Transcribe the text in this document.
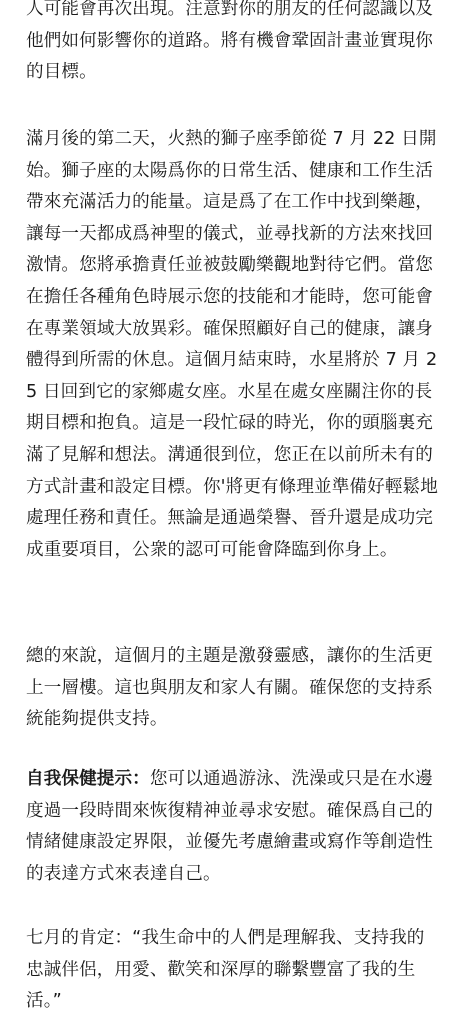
人可能會再次出現。注意對你的朋友的任何認識以及他們如何影響你的道路。將有機會鞏固計畫並實現你的目標。

滿月後的第二天，火熱的獅子座季節從 7 月 22 日開始。獅子座的太陽爲你的日常生活、健康和工作生活帶來充滿活力的能量。這是爲了在工作中找到樂趣，讓每一天都成爲神聖的儀式，並尋找新的方法來找回激情。您將承擔責任並被鼓勵樂觀地對待它們。當您在擔任各種角色時展示您的技能和才能時，您可能會在專業領域大放異彩。確保照顧好自己的健康，讓身體得到所需的休息。這個月結束時，水星將於 7 月 25 日回到它的家鄉處女座。水星在處女座關注你的長期目標和抱負。這是一段忙碌的時光，你的頭腦裏充滿了見解和想法。溝通很到位，您正在以前所未有的方式計畫和設定目標。你'將更有條理並準備好輕鬆地處理任務和責任。無論是通過榮譽、晉升還是成功完成重要項目，公衆的認可可能會降臨到你身上。

總的來說，這個月的主題是激發靈感，讓你的生活更上一層樓。這也與朋友和家人有關。確保您的支持系統能夠提供支持。

自我保健提示：您可以通過游泳、洗澡或只是在水邊度過一段時間來恢復精神並尋求安慰。確保爲自己的情緒健康設定界限，並優先考慮繪畫或寫作等創造性的表達方式來表達自己。

七月的肯定：“我生命中的人們是理解我、支持我的忠誠伴侶，用愛、歡笑和深厚的聯繫豐富了我的生活。”
